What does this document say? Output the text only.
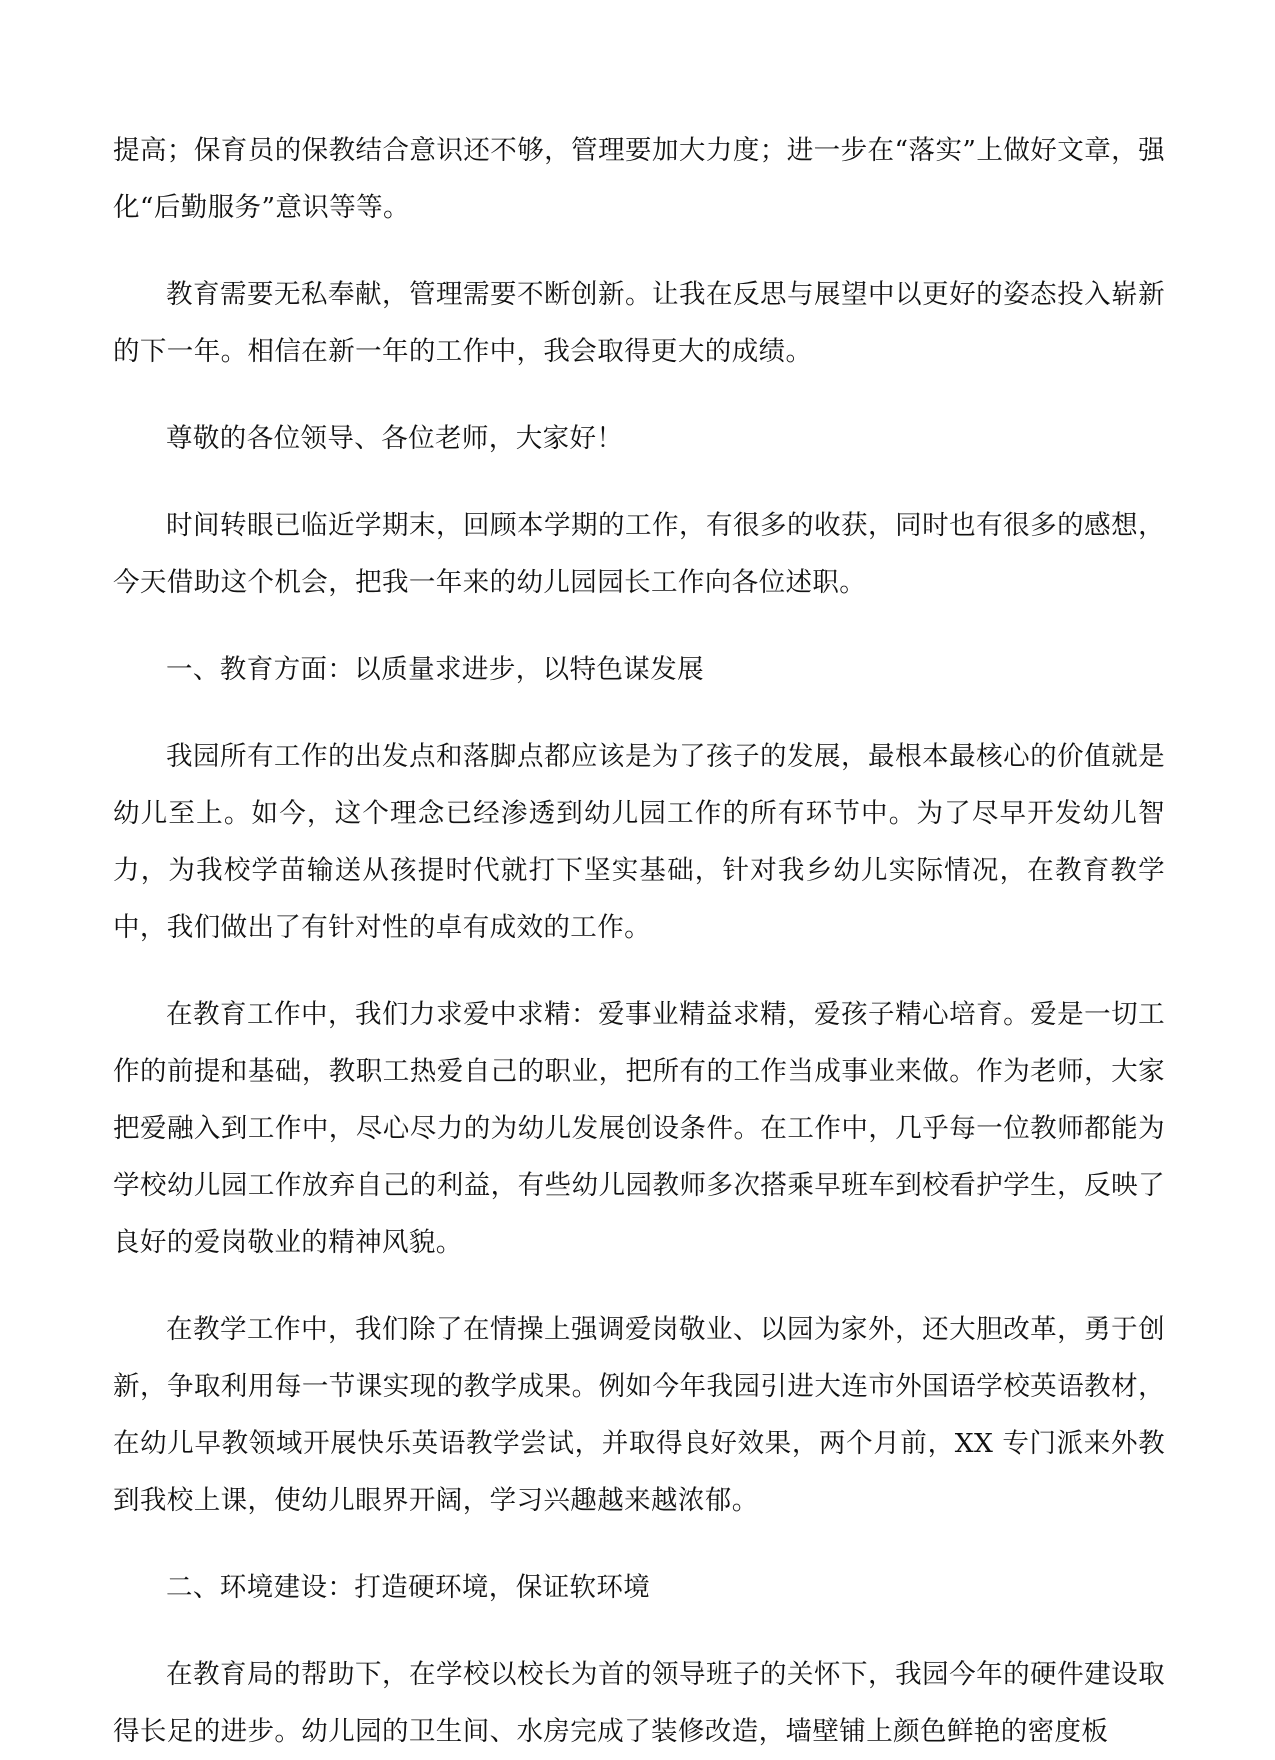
提高；保育员的保教结合意识还不够，管理要加大力度；进一步在“落实”上做好文章，强化“后勤服务”意识等等。

教育需要无私奉献，管理需要不断创新。让我在反思与展望中以更好的姿态投入崭新的下一年。相信在新一年的工作中，我会取得更大的成绩。

尊敬的各位领导、各位老师，大家好！

时间转眼已临近学期末，回顾本学期的工作，有很多的收获，同时也有很多的感想，今天借助这个机会，把我一年来的幼儿园园长工作向各位述职。

一、教育方面：以质量求进步，以特色谋发展

我园所有工作的出发点和落脚点都应该是为了孩子的发展，最根本最核心的价值就是幼儿至上。如今，这个理念已经渗透到幼儿园工作的所有环节中。为了尽早开发幼儿智力，为我校学苗输送从孩提时代就打下坚实基础，针对我乡幼儿实际情况，在教育教学中，我们做出了有针对性的卓有成效的工作。

在教育工作中，我们力求爱中求精：爱事业精益求精，爱孩子精心培育。爱是一切工作的前提和基础，教职工热爱自己的职业，把所有的工作当成事业来做。作为老师，大家把爱融入到工作中，尽心尽力的为幼儿发展创设条件。在工作中，几乎每一位教师都能为学校幼儿园工作放弃自己的利益，有些幼儿园教师多次搭乘早班车到校看护学生，反映了良好的爱岗敬业的精神风貌。

在教学工作中，我们除了在情操上强调爱岗敬业、以园为家外，还大胆改革，勇于创新，争取利用每一节课实现的教学成果。例如今年我园引进大连市外国语学校英语教材，在幼儿早教领域开展快乐英语教学尝试，并取得良好效果，两个月前，XX 专门派来外教到我校上课，使幼儿眼界开阔，学习兴趣越来越浓郁。

二、环境建设：打造硬环境，保证软环境

在教育局的帮助下，在学校以校长为首的领导班子的关怀下，我园今年的硬件建设取得长足的进步。幼儿园的卫生间、水房完成了装修改造，墙壁铺上颜色鲜艳的密度板
